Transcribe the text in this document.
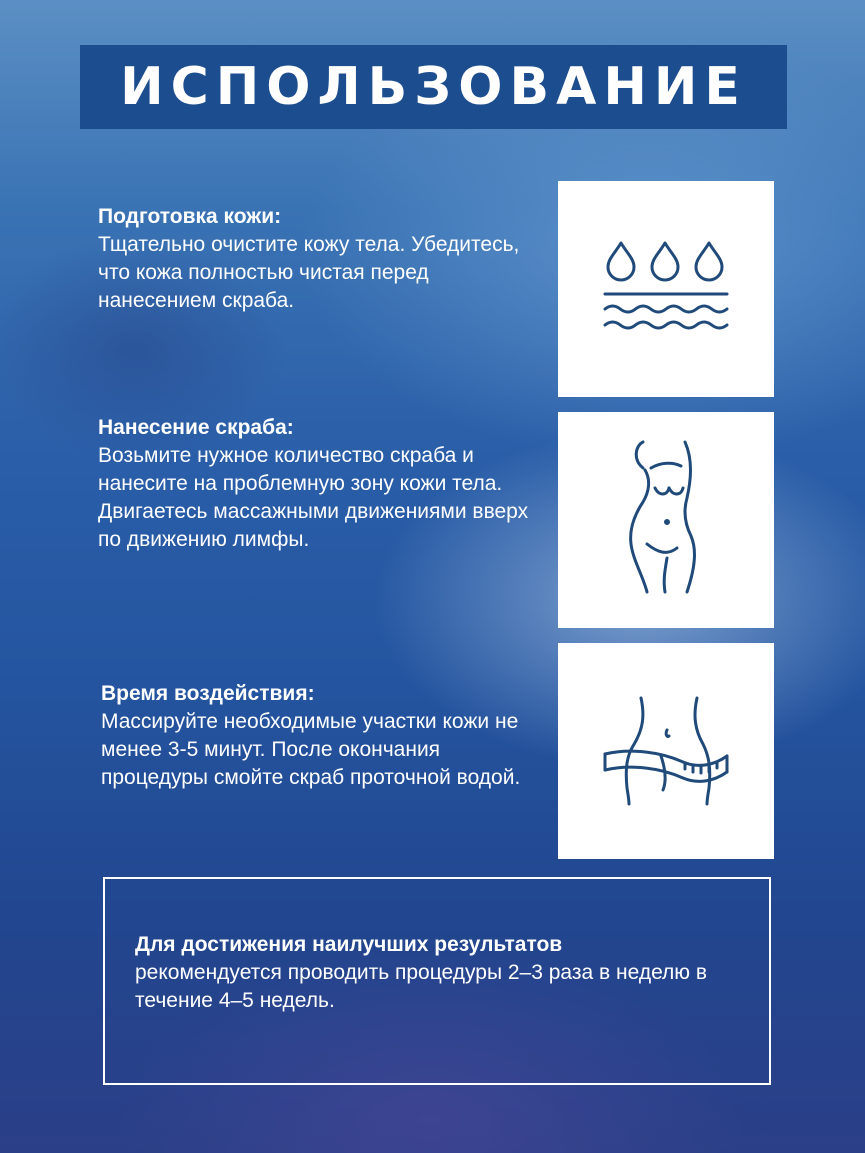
ИСПОЛЬЗОВАНИЕ
Подготовка кожи:
Тщательно очистите кожу тела. Убедитесь, что кожа полностью чистая перед нанесением скраба.
Нанесение скраба:
Возьмите нужное количество скраба и нанесите на проблемную зону кожи тела. Двигаетесь массажными движениями вверх по движению лимфы.
Время воздействия:
Массируйте необходимые участки кожи не менее 3-5 минут. После окончания процедуры смойте скраб проточной водой.
Для достижения наилучших результатов
рекомендуется проводить процедуры 2–3 раза в неделю в течение 4–5 недель.
